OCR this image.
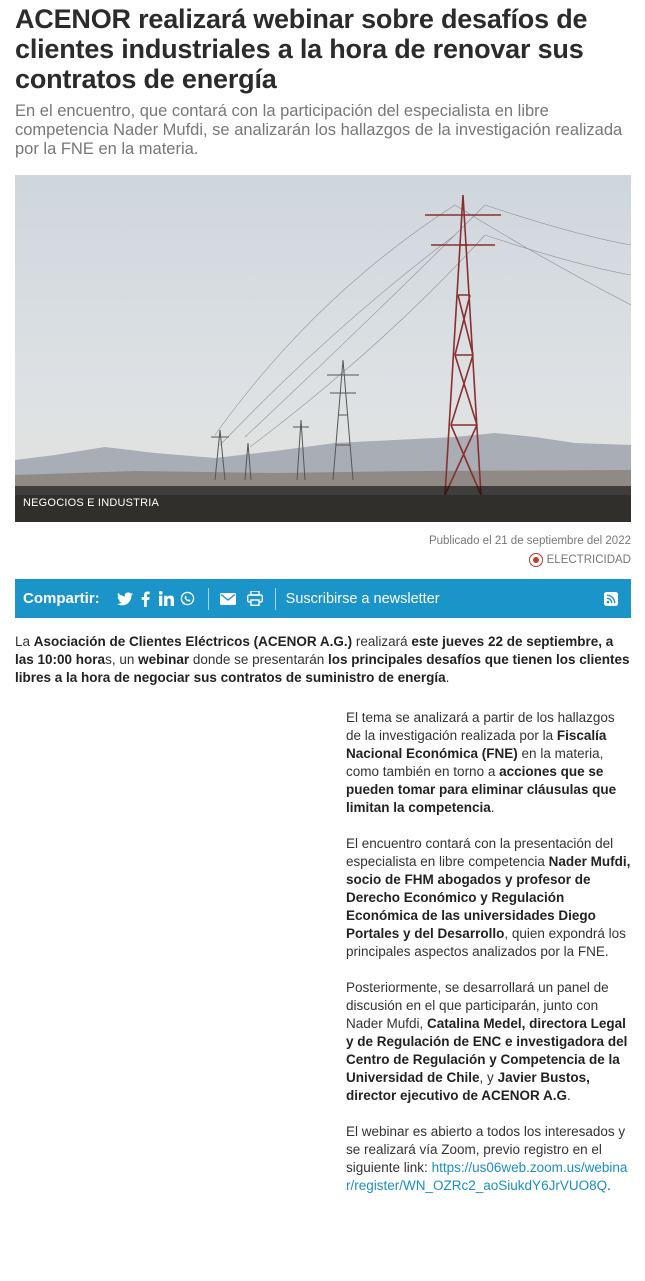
ACENOR realizará webinar sobre desafíos de clientes industriales a la hora de renovar sus contratos de energía

En el encuentro, que contará con la participación del especialista en libre competencia Nader Mufdi, se analizarán los hallazgos de la investigación realizada por la FNE en la materia.

NEGOCIOS E INDUSTRIA
Publicado el 21 de septiembre del 2022
ELECTRICIDAD
Compartir:	Suscribirse a newsletter
La Asociación de Clientes Eléctricos (ACENOR A.G.) realizará este jueves 22 de septiembre, a las 10:00 horas, un webinar donde se presentarán los principales desafíos que tienen los clientes libres a la hora de negociar sus contratos de suministro de energía.

El tema se analizará a partir de los hallazgos de la investigación realizada por la Fiscalía Nacional Económica (FNE) en la materia, como también en torno a acciones que se pueden tomar para eliminar cláusulas que limitan la competencia.

El encuentro contará con la presentación del especialista en libre competencia Nader Mufdi, socio de FHM abogados y profesor de Derecho Económico y Regulación Económica de las universidades Diego Portales y del Desarrollo, quien expondrá los principales aspectos analizados por la FNE.

Posteriormente, se desarrollará un panel de discusión en el que participarán, junto con Nader Mufdi, Catalina Medel, directora Legal y de Regulación de ENC e investigadora del Centro de Regulación y Competencia de la Universidad de Chile, y Javier Bustos, director ejecutivo de ACENOR A.G.

El webinar es abierto a todos los interesados y se realizará vía Zoom, previo registro en el siguiente link: https://us06web.zoom.us/webinar/register/WN_OZRc2_aoSiukdY6JrVUO8Q.
